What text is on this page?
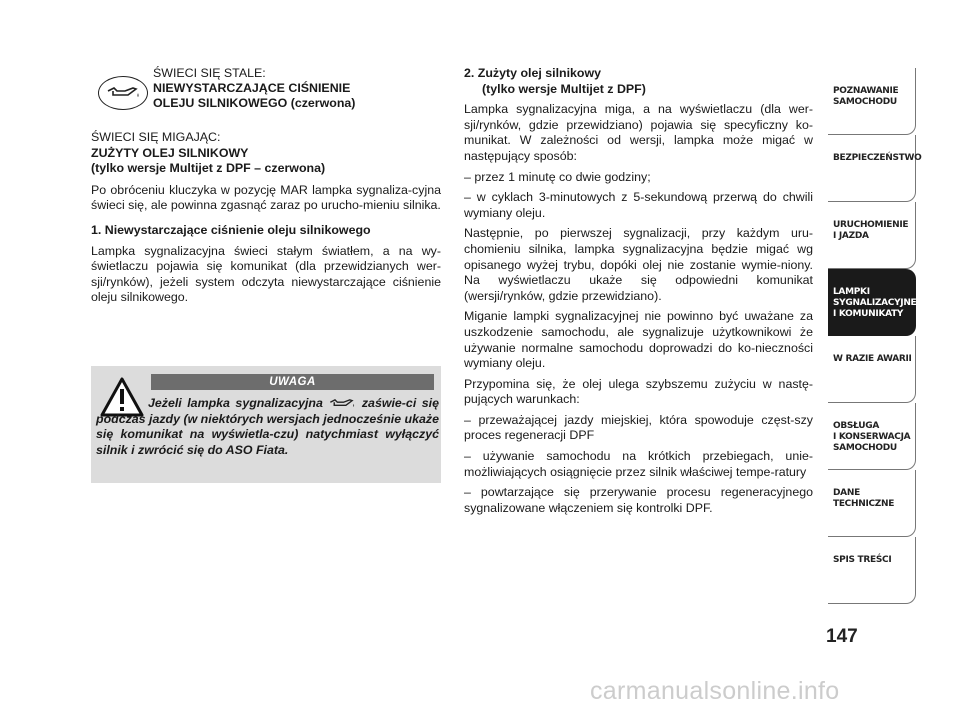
ŚWIECI SIĘ STALE:
NIEWYSTARCZAJĄCE CIŚNIENIE
OLEJU SILNIKOWEGO (czerwona)
ŚWIECI SIĘ MIGAJĄC:
ZUŻYTY OLEJ SILNIKOWY
(tylko wersje Multijet z DPF – czerwona)

Po obróceniu kluczyka w pozycję MAR lampka sygnaliza-cyjna świeci się, ale powinna zgasnąć zaraz po urucho-mieniu silnika.

1. Niewystarczające ciśnienie oleju silnikowego

Lampka sygnalizacyjna świeci stałym światłem, a na wy-świetlaczu pojawia się komunikat (dla przewidzianych wer-sji/rynków), jeżeli system odczyta niewystarczające ciśnienie oleju silnikowego.

UWAGA
Jeżeli lampka sygnalizacyjna	zaświe-ci się podczas jazdy (w niektórych wersjach jednocześnie ukaże się komunikat na wyświetla-czu) natychmiast wyłączyć silnik i zwrócić się do ASO Fiata.
2. Zużyty olej silnikowy
(tylko wersje Multijet z DPF)

Lampka sygnalizacyjna miga, a na wyświetlaczu (dla wer-sji/rynków, gdzie przewidziano) pojawia się specyficzny ko-munikat. W zależności od wersji, lampka może migać w następujący sposób:

– przez 1 minutę co dwie godziny;

– w cyklach 3-minutowych z 5-sekundową przerwą do chwili wymiany oleju.

Następnie, po pierwszej sygnalizacji, przy każdym uru-chomieniu silnika, lampka sygnalizacyjna będzie migać wg opisanego wyżej trybu, dopóki olej nie zostanie wymie-niony. Na wyświetlaczu ukaże się odpowiedni komunikat (wersji/rynków, gdzie przewidziano).

Miganie lampki sygnalizacyjnej nie powinno być uważane za uszkodzenie samochodu, ale sygnalizuje użytkownikowi że używanie normalne samochodu doprowadzi do ko-nieczności wymiany oleju.

Przypomina się, że olej ulega szybszemu zużyciu w nastę-pujących warunkach:

– przeważającej jazdy miejskiej, która spowoduje częst-szy proces regeneracji DPF

– używanie samochodu na krótkich przebiegach, unie-możliwiających osiągnięcie przez silnik właściwej tempe-ratury

– powtarzające się przerywanie procesu regeneracyjnego sygnalizowane włączeniem się kontrolki DPF.

POZNAWANIE
SAMOCHODU
BEZPIECZEŃSTWO
URUCHOMIENIE
I JAZDA
LAMPKI
SYGNALIZACYJNE
I KOMUNIKATY
W RAZIE AWARII
OBSŁUGA
I KONSERWACJA
SAMOCHODU
DANE
TECHNICZNE
SPIS TREŚCI
147
carmanualsonline.info
